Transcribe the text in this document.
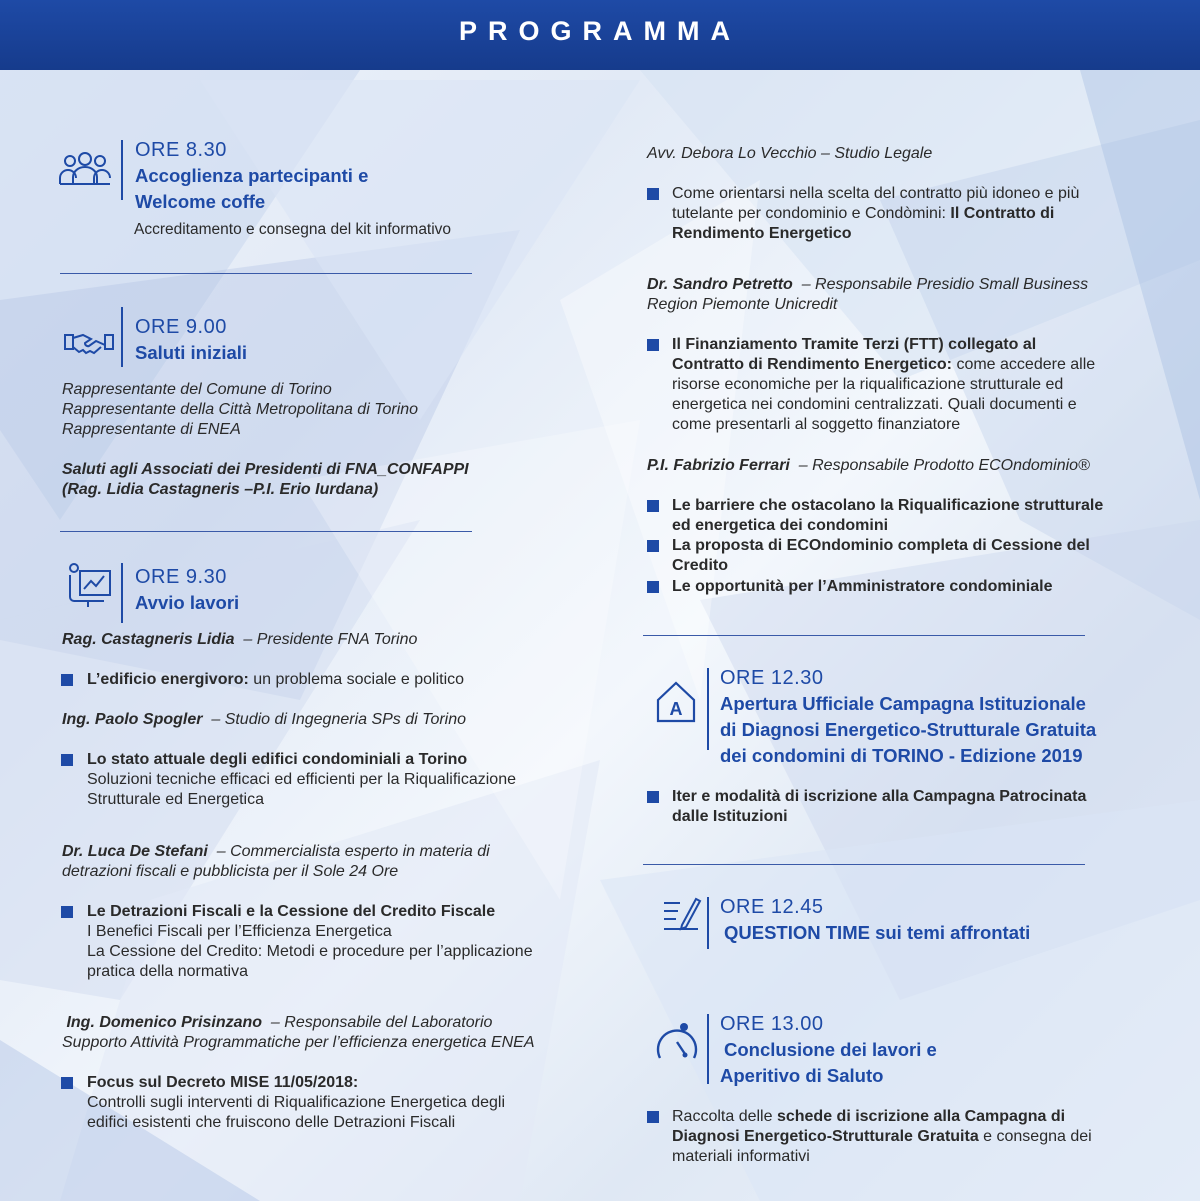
PROGRAMMA
ORE 8.30
Accoglienza partecipanti e
Welcome coffe
Accreditamento e consegna del kit informativo
ORE 9.00
Saluti iniziali
Rappresentante del Comune di Torino
Rappresentante della Città Metropolitana di Torino
Rappresentante di ENEA
Saluti agli Associati dei Presidenti di FNA_CONFAPPI
(Rag. Lidia Castagneris –P.I. Erio Iurdana)
ORE 9.30
Avvio lavori
Rag. Castagneris Lidia – Presidente FNA Torino
L’edificio energivoro: un problema sociale e politico
Ing. Paolo Spogler – Studio di Ingegneria SPs di Torino
Lo stato attuale degli edifici condominiali a Torino
Soluzioni tecniche efficaci ed efficienti per la Riqualificazione
Strutturale ed Energetica
Dr. Luca De Stefani – Commercialista esperto in materia di
detrazioni fiscali e pubblicista per il Sole 24 Ore
Le Detrazioni Fiscali e la Cessione del Credito Fiscale
I Benefici Fiscali per l’Efficienza Energetica
La Cessione del Credito: Metodi e procedure per l’applicazione
pratica della normativa
Ing. Domenico Prisinzano – Responsabile del Laboratorio
Supporto Attività Programmatiche per l’efficienza energetica ENEA
Focus sul Decreto MISE 11/05/2018:
Controlli sugli interventi di Riqualificazione Energetica degli
edifici esistenti che fruiscono delle Detrazioni Fiscali
Avv. Debora Lo Vecchio – Studio Legale
Come orientarsi nella scelta del contratto più idoneo e più
tutelante per condominio e Condòmini: Il Contratto di
Rendimento Energetico
Dr. Sandro Petretto – Responsabile Presidio Small Business
Region Piemonte Unicredit
Il Finanziamento Tramite Terzi (FTT) collegato al
Contratto di Rendimento Energetico: come accedere alle
risorse economiche per la riqualificazione strutturale ed
energetica nei condomini centralizzati. Quali documenti e
come presentarli al soggetto finanziatore
P.I. Fabrizio Ferrari – Responsabile Prodotto ECOndominio®
Le barriere che ostacolano la Riqualificazione strutturale
ed energetica dei condomini
La proposta di ECOndominio completa di Cessione del
Credito
Le opportunità per l’Amministratore condominiale
A
ORE 12.30
Apertura Ufficiale Campagna Istituzionale
di Diagnosi Energetico-Strutturale Gratuita
dei condomini di TORINO - Edizione 2019
Iter e modalità di iscrizione alla Campagna Patrocinata
dalle Istituzioni
ORE 12.45
QUESTION TIME sui temi affrontati
ORE 13.00
Conclusione dei lavori e
Aperitivo di Saluto
Raccolta delle schede di iscrizione alla Campagna di
Diagnosi Energetico-Strutturale Gratuita e consegna dei
materiali informativi
